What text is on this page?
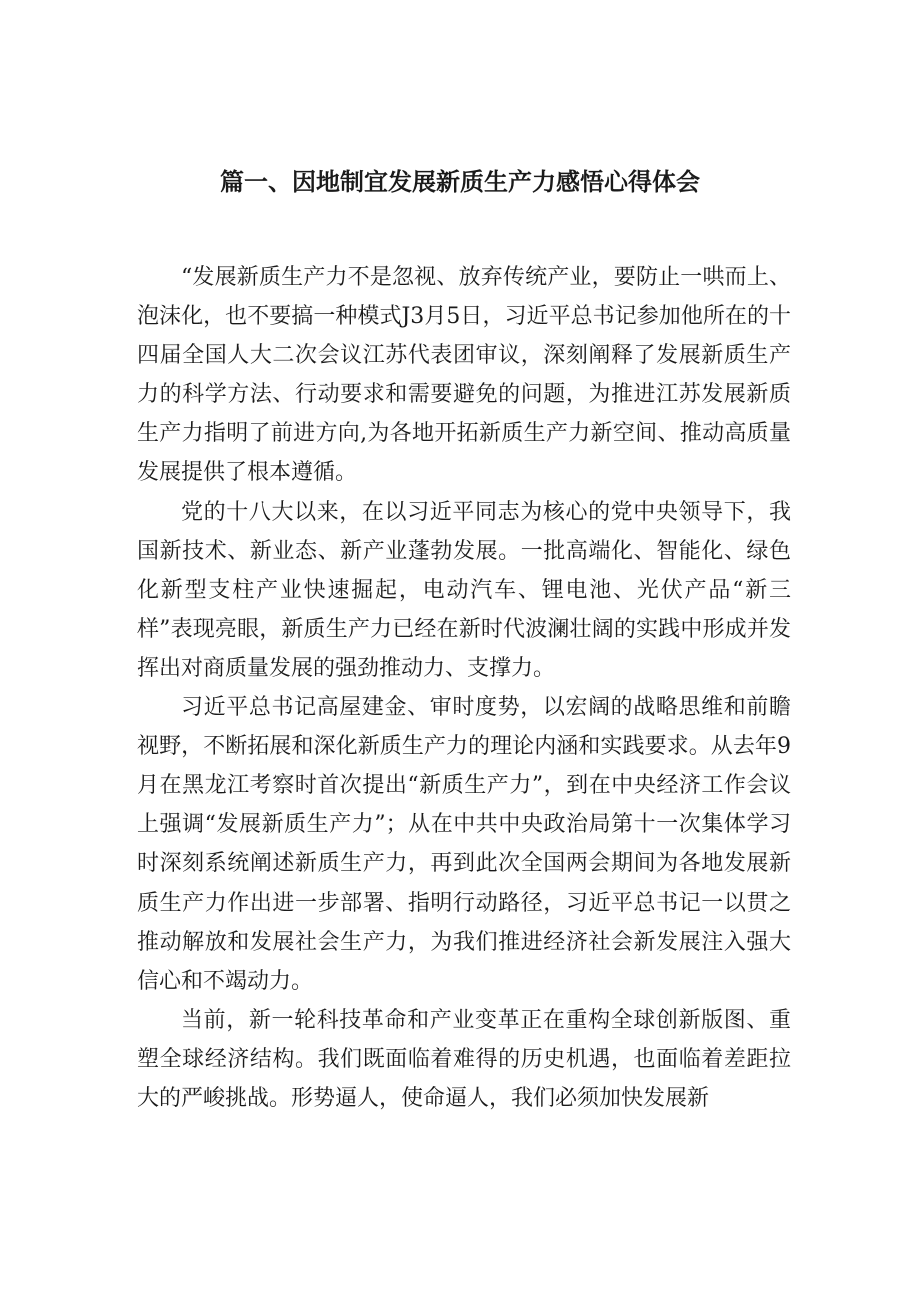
篇一、因地制宜发展新质生产力感悟心得体会

“发展新质生产力不是忽视、放弃传统产业，要防止一哄而上、泡沫化，也不要搞一种模式J3月5日，习近平总书记参加他所在的十四届全国人大二次会议江苏代表团审议，深刻阐释了发展新质生产力的科学方法、行动要求和需要避免的问题，为推进江苏发展新质生产力指明了前进方向,为各地开拓新质生产力新空间、推动高质量发展提供了根本遵循。

党的十八大以来，在以习近平同志为核心的党中央领导下，我国新技术、新业态、新产业蓬勃发展。一批高端化、智能化、绿色化新型支柱产业快速掘起，电动汽车、锂电池、光伏产品“新三样”表现亮眼，新质生产力已经在新时代波澜壮阔的实践中形成并发挥出对商质量发展的强劲推动力、支撑力。

习近平总书记高屋建金、审时度势，以宏阔的战略思维和前瞻视野，不断拓展和深化新质生产力的理论内涵和实践要求。从去年9月在黑龙江考察时首次提出“新质生产力”，到在中央经济工作会议上强调“发展新质生产力”；从在中共中央政治局第十一次集体学习时深刻系统阐述新质生产力，再到此次全国两会期间为各地发展新质生产力作出进一步部署、指明行动路径，习近平总书记一以贯之推动解放和发展社会生产力，为我们推进经济社会新发展注入强大信心和不竭动力。

当前，新一轮科技革命和产业变革正在重构全球创新版图、重塑全球经济结构。我们既面临着难得的历史机遇，也面临着差距拉大的严峻挑战。形势逼人，使命逼人，我们必须加快发展新
